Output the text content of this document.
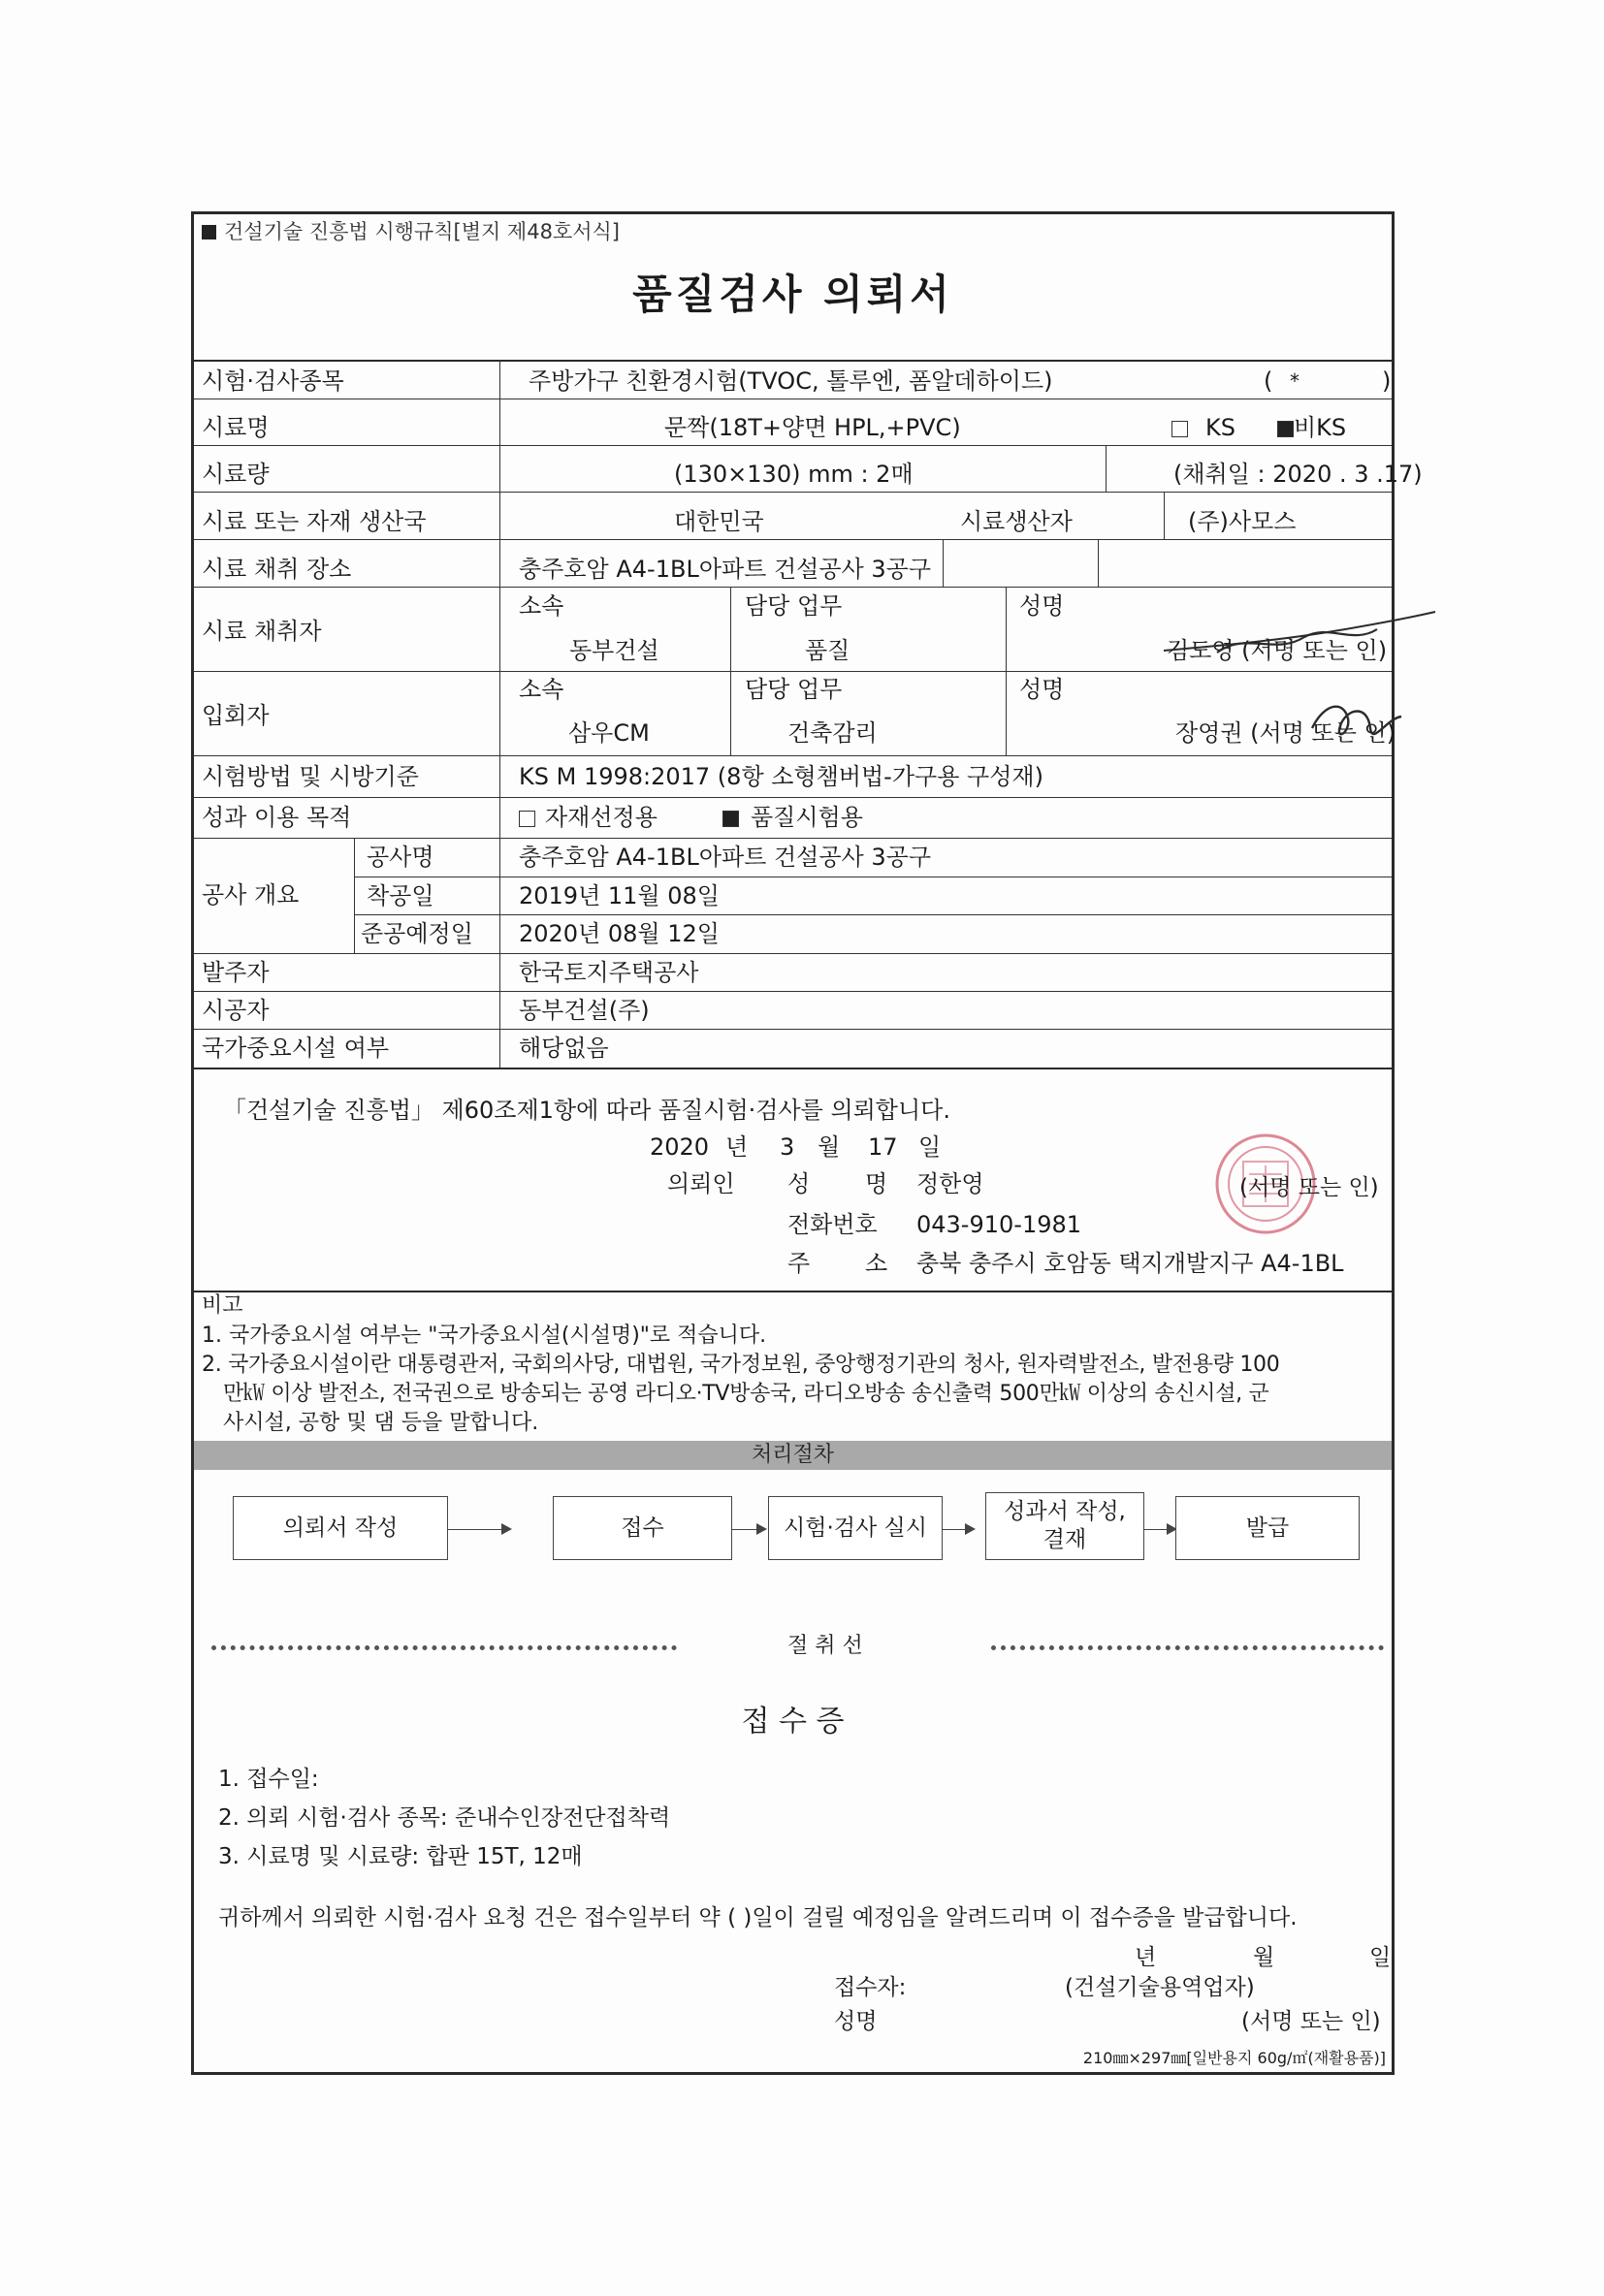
건설기술 진흥법 시행규칙[별지 제48호서식]
품질검사 의뢰서
시험·검사종목	주방가구 친환경시험(TVOC, 톨루엔, 폼알데하이드)	( *	)
시료명	문짝(18T+양면 HPL,+PVC)	KS	비KS
시료량	(130×130) mm : 2매	(채취일 : 2020 . 3 .17)
시료 또는 자재 생산국	대한민국	시료생산자	(주)사모스
시료 채취 장소	충주호암 A4-1BL아파트 건설공사 3공구
시료 채취자
소속	담당 업무	성명
동부건설	품질	김도영 (서명 또는 인)
입회자
소속	담당 업무	성명
삼우CM	건축감리	장영권 (서명 또는 인)
시험방법 및 시방기준	KS M 1998:2017 (8항 소형챔버법-가구용 구성재)
성과 이용 목적	자재선정용	품질시험용
공사 개요
공사명	충주호암 A4-1BL아파트 건설공사 3공구
착공일	2019년 11월 08일
준공예정일 2020년 08월 12일
발주자	한국토지주택공사
시공자	동부건설(주)
국가중요시설 여부	해당없음
「건설기술 진흥법」 제60조제1항에 따라 품질시험·검사를 의뢰합니다.
2020 년 3 월 17 일
의뢰인 성 명 정한영	(서명 또는 인)
전화번호 043-910-1981
주 소 충북 충주시 호암동 택지개발지구 A4-1BL
비고
1. 국가중요시설 여부는 "국가중요시설(시설명)"로 적습니다.
2. 국가중요시설이란 대통령관저, 국회의사당, 대법원, 국가정보원, 중앙행정기관의 청사, 원자력발전소, 발전용량 100
만㎾ 이상 발전소, 전국권으로 방송되는 공영 라디오·TV방송국, 라디오방송 송신출력 500만㎾ 이상의 송신시설, 군
사시설, 공항 및 댐 등을 말합니다.
처리절차
의뢰서 작성	접수	시험·검사 실시
성과서 작성,
결재	발급
절 취 선
접 수 증
1. 접수일:
2. 의뢰 시험·검사 종목: 준내수인장전단접착력
3. 시료명 및 시료량: 합판 15T, 12매
귀하께서 의뢰한 시험·검사 요청 건은 접수일부터 약 ( )일이 걸릴 예정임을 알려드리며 이 접수증을 발급합니다.
년	월	일
접수자:	(건설기술용역업자)
성명	(서명 또는 인)
210㎜×297㎜[일반용지 60g/㎡(재활용품)]
